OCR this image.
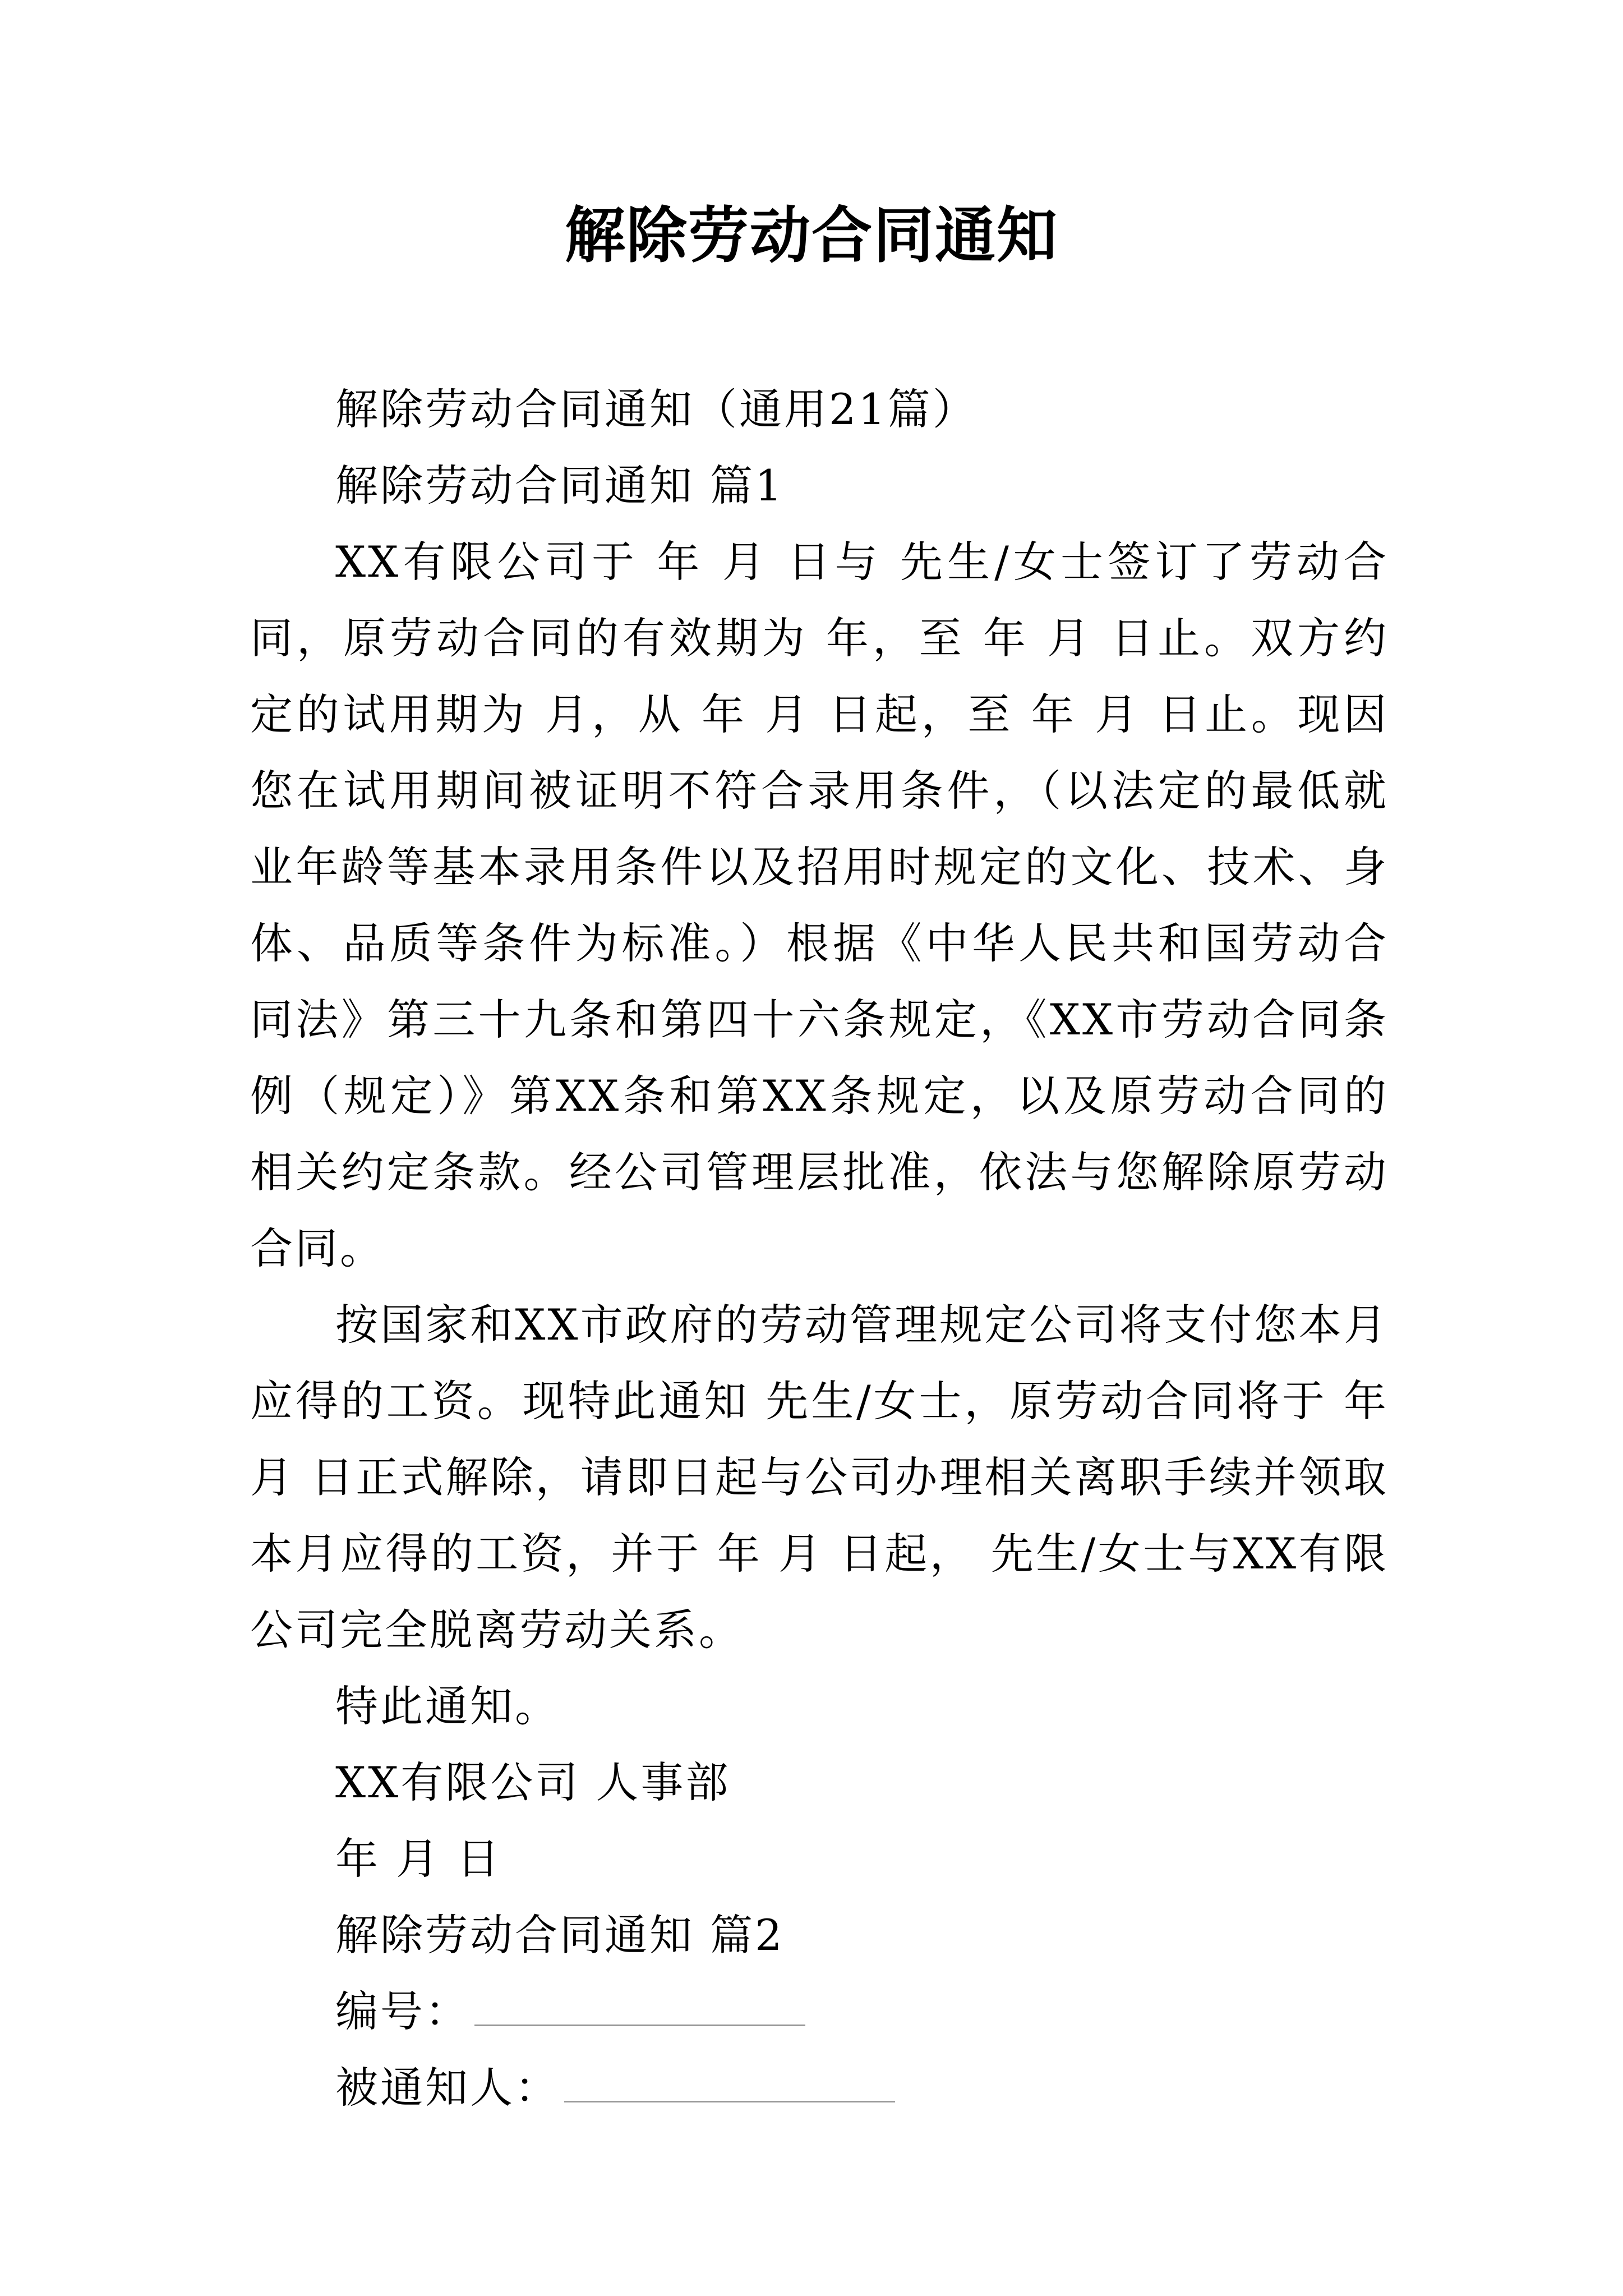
解除劳动合同通知

解除劳动合同通知（通用21篇）

解除劳动合同通知 篇1

XX有限公司于 年 月 日与 先生/女士签订了劳动合同，原劳动合同的有效期为 年，至 年 月 日止。双方约定的试用期为 月，从 年 月 日起，至 年 月 日止。现因您在试用期间被证明不符合录用条件，（以法定的最低就业年龄等基本录用条件以及招用时规定的文化、技术、身体、品质等条件为标准。）根据《中华人民共和国劳动合同法》第三十九条和第四十六条规定，《XX市劳动合同条例（规定）》第XX条和第XX条规定，以及原劳动合同的相关约定条款。经公司管理层批准，依法与您解除原劳动合同。

按国家和XX市政府的劳动管理规定公司将支付您本月应得的工资。现特此通知 先生/女士，原劳动合同将于 年 月 日正式解除，请即日起与公司办理相关离职手续并领取本月应得的工资，并于 年 月 日起， 先生/女士与XX有限公司完全脱离劳动关系。

特此通知。

XX有限公司 人事部

年 月 日

解除劳动合同通知 篇2

编号：

被通知人：
